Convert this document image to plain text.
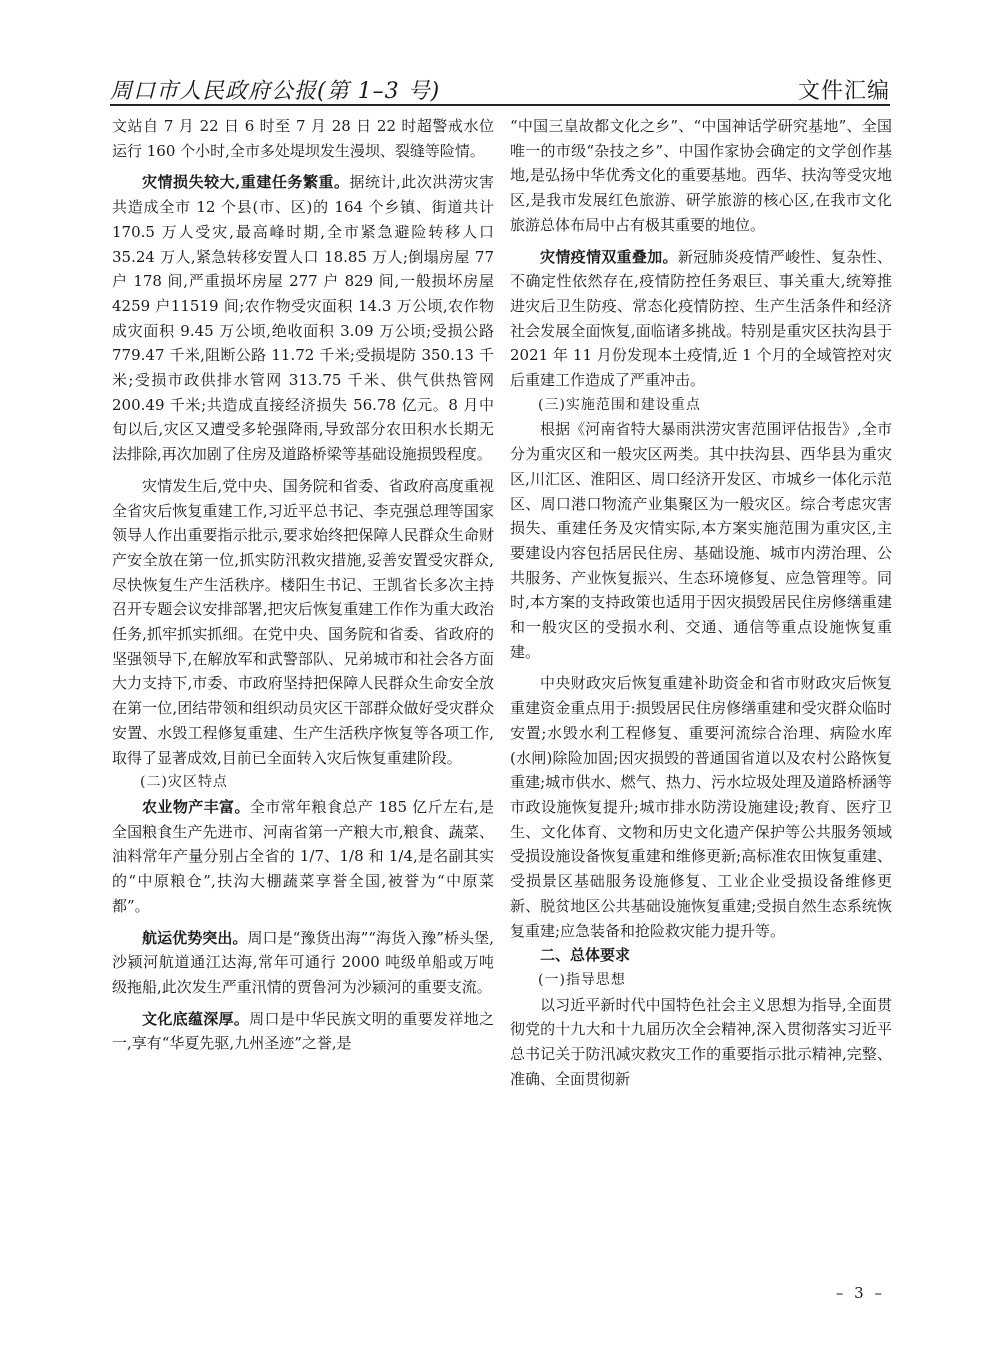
周口市人民政府公报(第 1–3 号)	文件汇编

文站自 7 月 22 日 6 时至 7 月 28 日 22 时超警戒水位运行 160 个小时,全市多处堤坝发生漫坝、裂缝等险情。

灾情损失较大,重建任务繁重。据统计,此次洪涝灾害共造成全市 12 个县(市、区)的 164 个乡镇、街道共计 170.5 万人受灾,最高峰时期,全市紧急避险转移人口 35.24 万人,紧急转移安置人口 18.85 万人;倒塌房屋 77 户 178 间,严重损坏房屋 277 户 829 间,一般损坏房屋 4259 户11519 间;农作物受灾面积 14.3 万公顷,农作物成灾面积 9.45 万公顷,绝收面积 3.09 万公顷;受损公路 779.47 千米,阻断公路 11.72 千米;受损堤防 350.13 千米;受损市政供排水管网 313.75 千米、供气供热管网 200.49 千米;共造成直接经济损失 56.78 亿元。8 月中旬以后,灾区又遭受多轮强降雨,导致部分农田积水长期无法排除,再次加剧了住房及道路桥梁等基础设施损毁程度。

灾情发生后,党中央、国务院和省委、省政府高度重视全省灾后恢复重建工作,习近平总书记、李克强总理等国家领导人作出重要指示批示,要求始终把保障人民群众生命财产安全放在第一位,抓实防汛救灾措施,妥善安置受灾群众,尽快恢复生产生活秩序。楼阳生书记、王凯省长多次主持召开专题会议安排部署,把灾后恢复重建工作作为重大政治任务,抓牢抓实抓细。在党中央、国务院和省委、省政府的坚强领导下,在解放军和武警部队、兄弟城市和社会各方面大力支持下,市委、市政府坚持把保障人民群众生命安全放在第一位,团结带领和组织动员灾区干部群众做好受灾群众安置、水毁工程修复重建、生产生活秩序恢复等各项工作,取得了显著成效,目前已全面转入灾后恢复重建阶段。

(二)灾区特点

农业物产丰富。全市常年粮食总产 185 亿斤左右,是全国粮食生产先进市、河南省第一产粮大市,粮食、蔬菜、油料常年产量分别占全省的 1/7、1/8 和 1/4,是名副其实的“中原粮仓”,扶沟大棚蔬菜享誉全国,被誉为“中原菜都”。

航运优势突出。周口是“豫货出海”“海货入豫”桥头堡,沙颍河航道通江达海,常年可通行 2000 吨级单船或万吨级拖船,此次发生严重汛情的贾鲁河为沙颍河的重要支流。

文化底蕴深厚。周口是中华民族文明的重要发祥地之一,享有“华夏先驱,九州圣迹”之誉,是

“中国三皇故都文化之乡”、“中国神话学研究基地”、全国唯一的市级“杂技之乡”、中国作家协会确定的文学创作基地,是弘扬中华优秀文化的重要基地。西华、扶沟等受灾地区,是我市发展红色旅游、研学旅游的核心区,在我市文化旅游总体布局中占有极其重要的地位。

灾情疫情双重叠加。新冠肺炎疫情严峻性、复杂性、不确定性依然存在,疫情防控任务艰巨、事关重大,统筹推进灾后卫生防疫、常态化疫情防控、生产生活条件和经济社会发展全面恢复,面临诸多挑战。特别是重灾区扶沟县于 2021 年 11 月份发现本土疫情,近 1 个月的全域管控对灾后重建工作造成了严重冲击。

(三)实施范围和建设重点

根据《河南省特大暴雨洪涝灾害范围评估报告》,全市分为重灾区和一般灾区两类。其中扶沟县、西华县为重灾区,川汇区、淮阳区、周口经济开发区、市城乡一体化示范区、周口港口物流产业集聚区为一般灾区。综合考虑灾害损失、重建任务及灾情实际,本方案实施范围为重灾区,主要建设内容包括居民住房、基础设施、城市内涝治理、公共服务、产业恢复振兴、生态环境修复、应急管理等。同时,本方案的支持政策也适用于因灾损毁居民住房修缮重建和一般灾区的受损水利、交通、通信等重点设施恢复重建。

中央财政灾后恢复重建补助资金和省市财政灾后恢复重建资金重点用于:损毁居民住房修缮重建和受灾群众临时安置;水毁水利工程修复、重要河流综合治理、病险水库(水闸)除险加固;因灾损毁的普通国省道以及农村公路恢复重建;城市供水、燃气、热力、污水垃圾处理及道路桥涵等市政设施恢复提升;城市排水防涝设施建设;教育、医疗卫生、文化体育、文物和历史文化遗产保护等公共服务领域受损设施设备恢复重建和维修更新;高标准农田恢复重建、受损景区基础服务设施修复、工业企业受损设备维修更新、脱贫地区公共基础设施恢复重建;受损自然生态系统恢复重建;应急装备和抢险救灾能力提升等。

二、总体要求

(一)指导思想

以习近平新时代中国特色社会主义思想为指导,全面贯彻党的十九大和十九届历次全会精神,深入贯彻落实习近平总书记关于防汛减灾救灾工作的重要指示批示精神,完整、准确、全面贯彻新

– 3 –
